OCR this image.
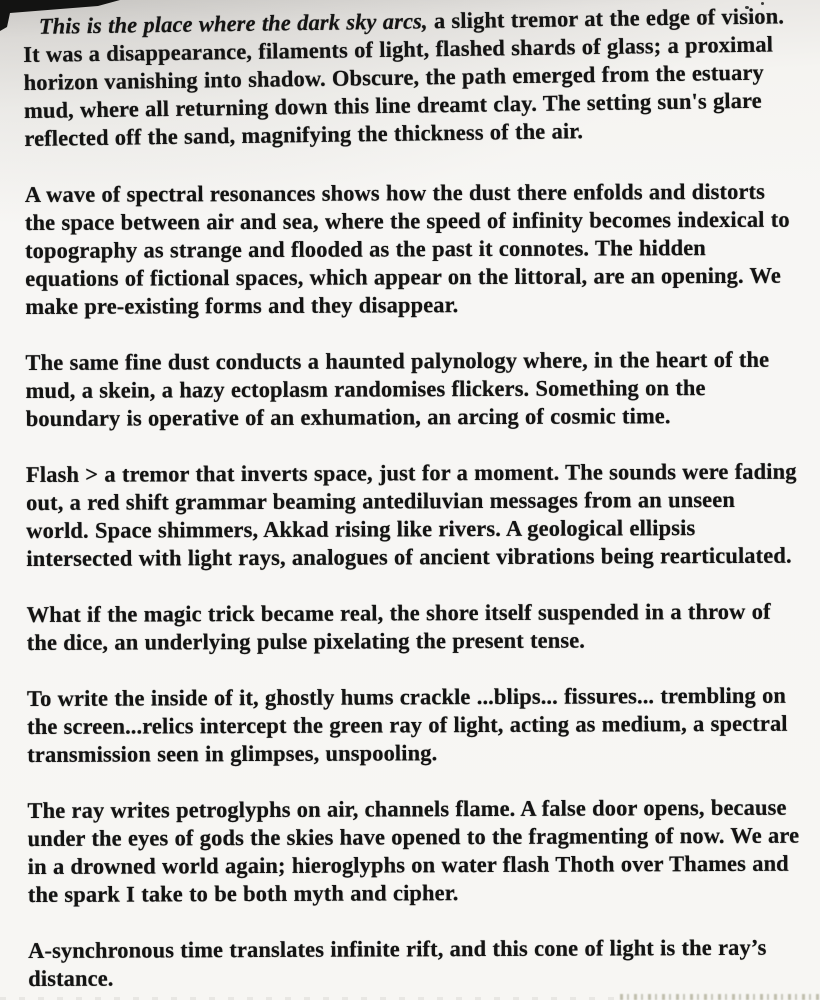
This is the place where the dark sky arcs, a slight tremor at the edge of vision. It was a disappearance, filaments of light, flashed shards of glass; a proximal horizon vanishing into shadow. Obscure, the path emerged from the estuary mud, where all returning down this line dreamt clay. The setting sun's glare reflected off the sand, magnifying the thickness of the air.

A wave of spectral resonances shows how the dust there enfolds and distorts the space between air and sea, where the speed of infinity becomes indexical to topography as strange and flooded as the past it connotes. The hidden equations of fictional spaces, which appear on the littoral, are an opening. We make pre-existing forms and they disappear.

The same fine dust conducts a haunted palynology where, in the heart of the mud, a skein, a hazy ectoplasm randomises flickers. Something on the boundary is operative of an exhumation, an arcing of cosmic time.

Flash > a tremor that inverts space, just for a moment. The sounds were fading out, a red shift grammar beaming antediluvian messages from an unseen world. Space shimmers, Akkad rising like rivers. A geological ellipsis intersected with light rays, analogues of ancient vibrations being rearticulated.

What if the magic trick became real, the shore itself suspended in a throw of the dice, an underlying pulse pixelating the present tense.

To write the inside of it, ghostly hums crackle ...blips... fissures... trembling on the screen...relics intercept the green ray of light, acting as medium, a spectral transmission seen in glimpses, unspooling.

The ray writes petroglyphs on air, channels flame. A false door opens, because under the eyes of gods the skies have opened to the fragmenting of now. We are in a drowned world again; hieroglyphs on water flash Thoth over Thames and the spark I take to be both myth and cipher.

A-synchronous time translates infinite rift, and this cone of light is the ray’s distance.
